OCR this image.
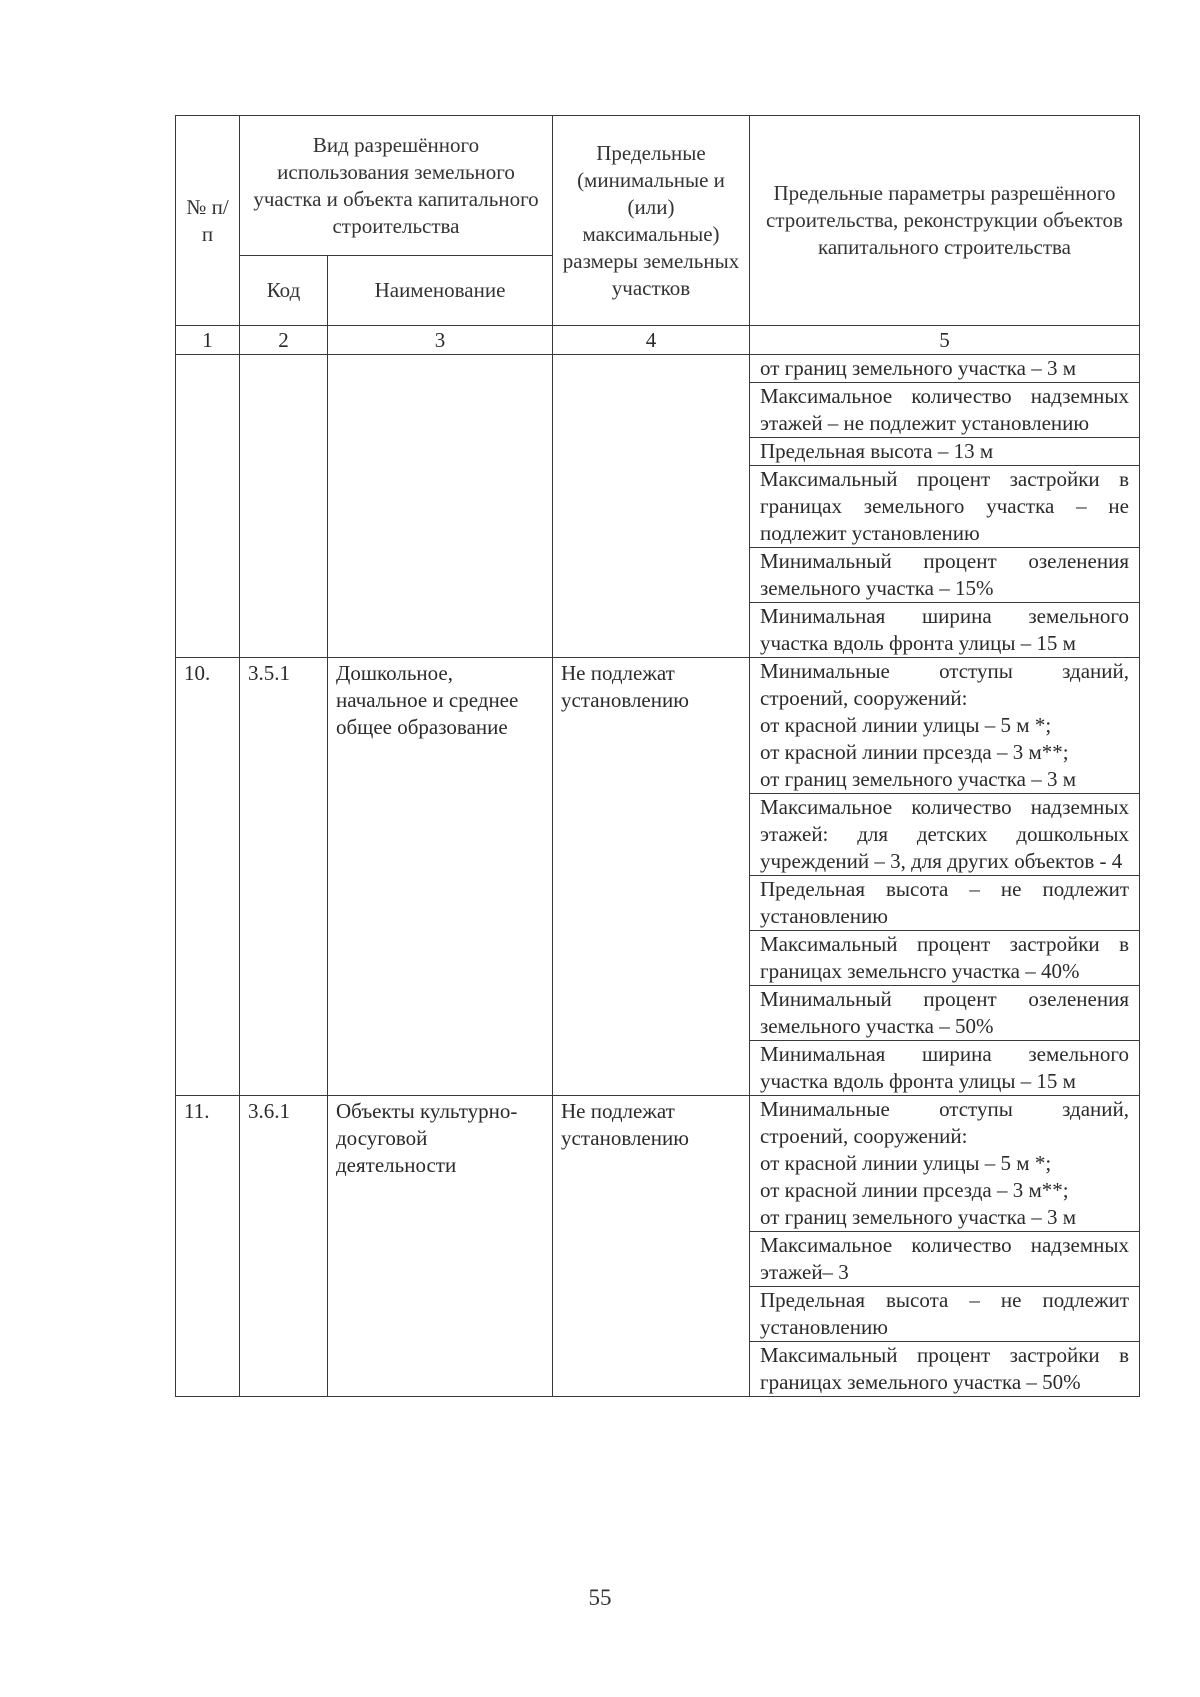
№ п/п	Вид разрешённого использования земельного участка и объекта капитального строительства		Предельные (минимальные и (или) максимальные) размеры земельных участков	Предельные параметры разрешённого строительства, реконструкции объектов капитального строительства
	Код	Наименование		
1	2	3	4	5
				от границ земельного участка – 3 м
				Максимальное количество надземных этажей – не подлежит установлению
				Предельная высота – 13 м
				Максимальный процент застройки в границах земельного участка – не подлежит установлению
				Минимальный процент озеленения земельного участка – 15%
				Минимальная ширина земельного участка вдоль фронта улицы – 15 м
10.	3.5.1	Дошкольное, начальное и среднее общее образование	Не подлежат установлению	Минимальные отступы зданий, строений, сооружений:
от красной линии улицы – 5 м *;
от красной линии прсезда – 3 м**;
от границ земельного участка – 3 м

				Максимальное количество надземных этажей: для детских дошкольных учреждений – 3, для других объектов - 4
				Предельная высота – не подлежит установлению
				Максимальный процент застройки в границах земельнсго участка – 40%
				Минимальный процент озеленения земельного участка – 50%
				Минимальная ширина земельного участка вдоль фронта улицы – 15 м
11.	3.6.1	Объекты культурно-досуговой деятельности	Не подлежат установлению	Минимальные отступы зданий, строений, сооружений:
от красной линии улицы – 5 м *;
от красной линии прсезда – 3 м**;
от границ земельного участка – 3 м

				Максимальное количество надземных этажей– 3
				Предельная высота – не подлежит установлению
				Максимальный процент застройки в границах земельного участка – 50%
55
